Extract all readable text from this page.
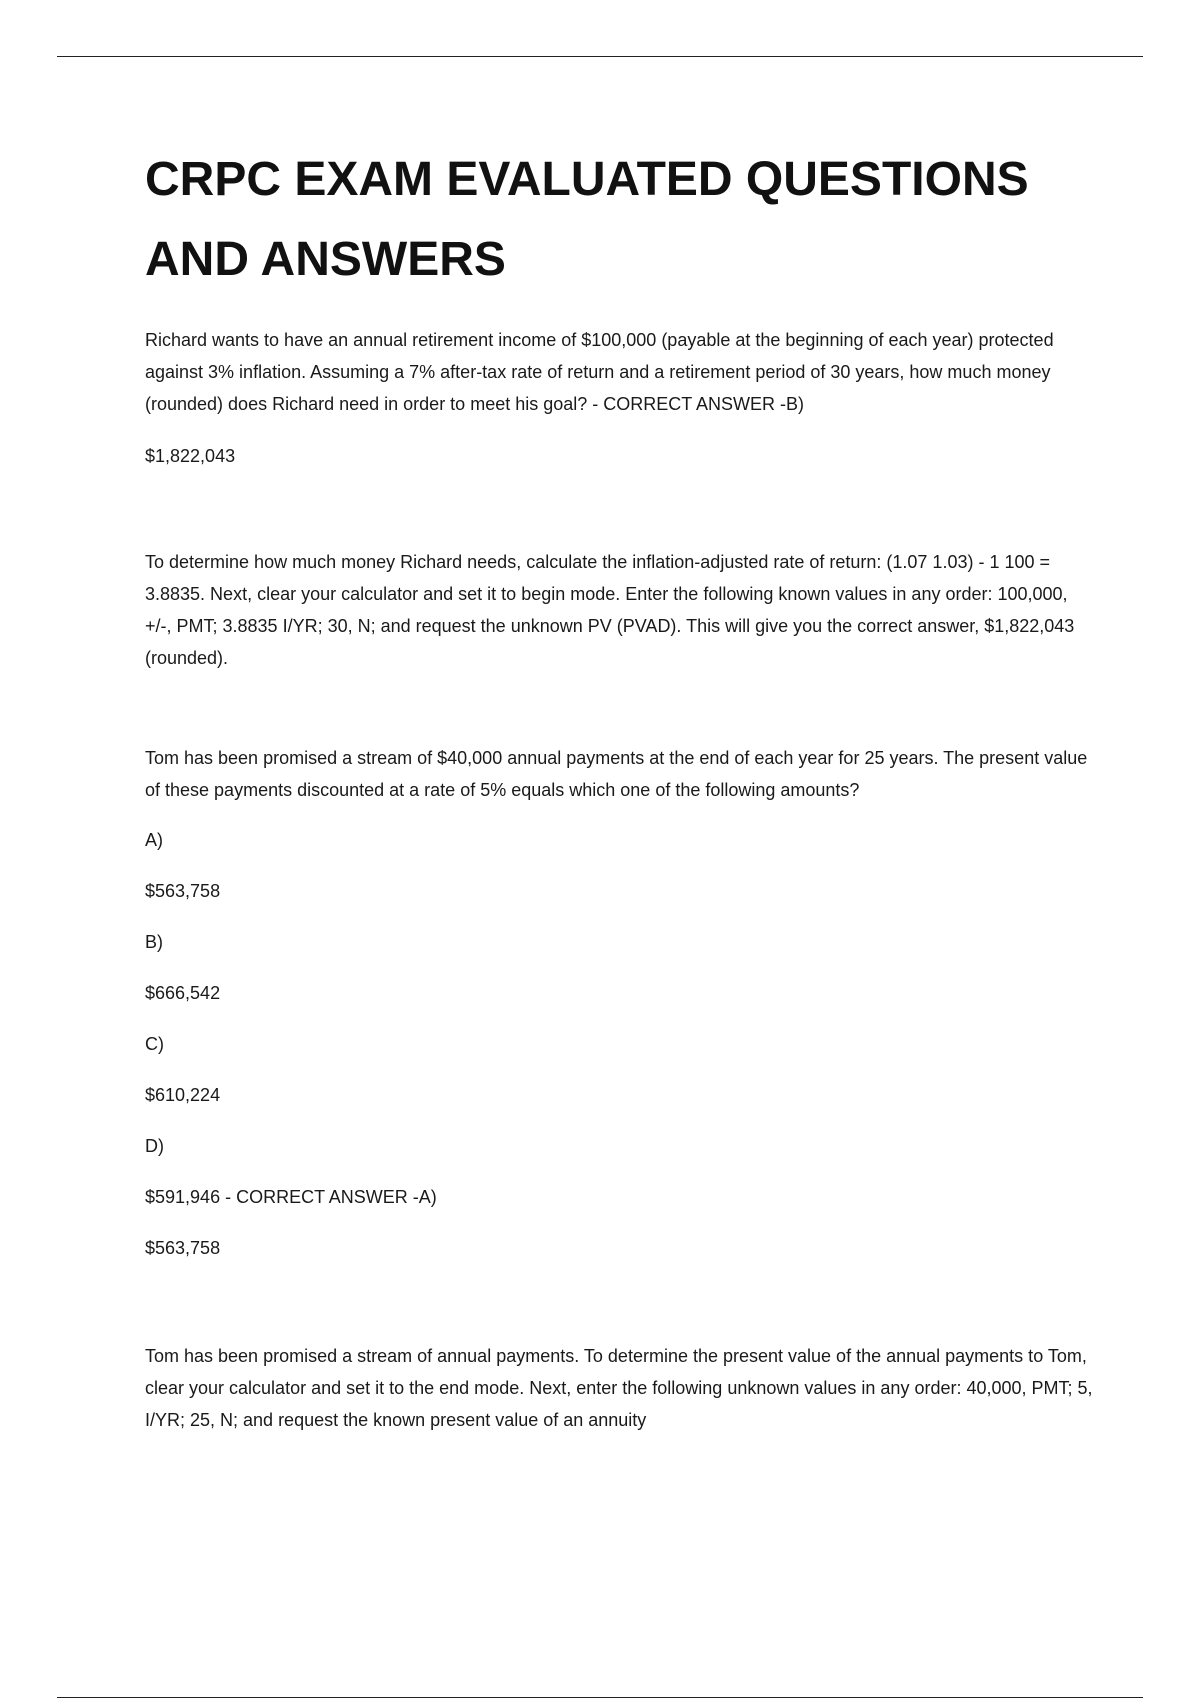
CRPC EXAM EVALUATED QUESTIONS
AND ANSWERS

Richard wants to have an annual retirement income of $100,000 (payable at the beginning of each year) protected against 3% inflation. Assuming a 7% after-tax rate of return and a retirement period of 30 years, how much money (rounded) does Richard need in order to meet his goal? - CORRECT ANSWER -B)

$1,822,043

To determine how much money Richard needs, calculate the inflation-adjusted rate of return: (1.07 1.03) - 1 100 = 3.8835. Next, clear your calculator and set it to begin mode. Enter the following known values in any order: 100,000, +/-, PMT; 3.8835 I/YR; 30, N; and request the unknown PV (PVAD). This will give you the correct answer, $1,822,043 (rounded).

Tom has been promised a stream of $40,000 annual payments at the end of each year for 25 years. The present value of these payments discounted at a rate of 5% equals which one of the following amounts?

A)

$563,758

B)

$666,542

C)

$610,224

D)

$591,946 - CORRECT ANSWER -A)

$563,758

Tom has been promised a stream of annual payments. To determine the present value of the annual payments to Tom, clear your calculator and set it to the end mode. Next, enter the following unknown values in any order: 40,000, PMT; 5, I/YR; 25, N; and request the known present value of an annuity
